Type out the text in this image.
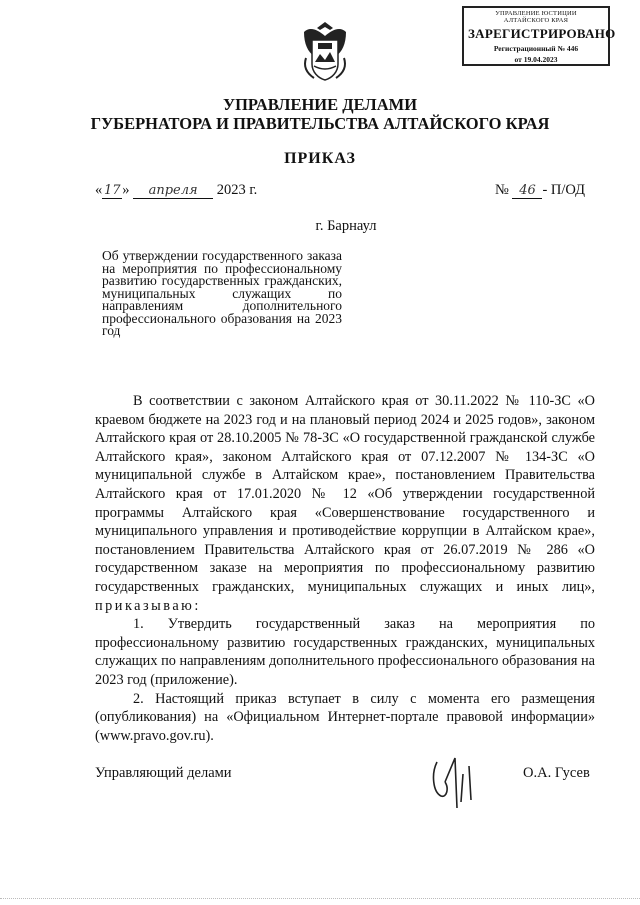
УПРАВЛЕНИЕ ЮСТИЦИИ
АЛТАЙСКОГО КРАЯ
ЗАРЕГИСТРИРОВАНО
Регистрационный № 446
от 19.04.2023
УПРАВЛЕНИЕ ДЕЛАМИ
ГУБЕРНАТОРА И ПРАВИТЕЛЬСТВА АЛТАЙСКОГО КРАЯ
ПРИКАЗ
« 17 » апреля 2023 г.	№ 46 - П/ОД
г. Барнаул
Об утверждении государственного заказа на мероприятия по профессиональному развитию государственных гражданских, муниципальных служащих по направлениям дополнительного профессионального образования на 2023 год

В соответствии с законом Алтайского края от 30.11.2022 № 110-ЗС «О краевом бюджете на 2023 год и на плановый период 2024 и 2025 годов», законом Алтайского края от 28.10.2005 № 78-ЗС «О государственной гражданской службе Алтайского края», законом Алтайского края от 07.12.2007 № 134-ЗС «О муниципальной службе в Алтайском крае», постановлением Правительства Алтайского края от 17.01.2020 № 12 «Об утверждении государственной программы Алтайского края «Совершенствование государственного и муниципального управления и противодействие коррупции в Алтайском крае», постановлением Правительства Алтайского края от 26.07.2019 № 286 «О государственном заказе на мероприятия по профессиональному развитию государственных гражданских, муниципальных служащих и иных лиц», приказываю:

1. Утвердить государственный заказ на мероприятия по профессиональному развитию государственных гражданских, муниципальных служащих по направлениям дополнительного профессионального образования на 2023 год (приложение).

2. Настоящий приказ вступает в силу с момента его размещения (опубликования) на «Официальном Интернет-портале правовой информации» (www.pravo.gov.ru).

Управляющий делами	О.А. Гусев
